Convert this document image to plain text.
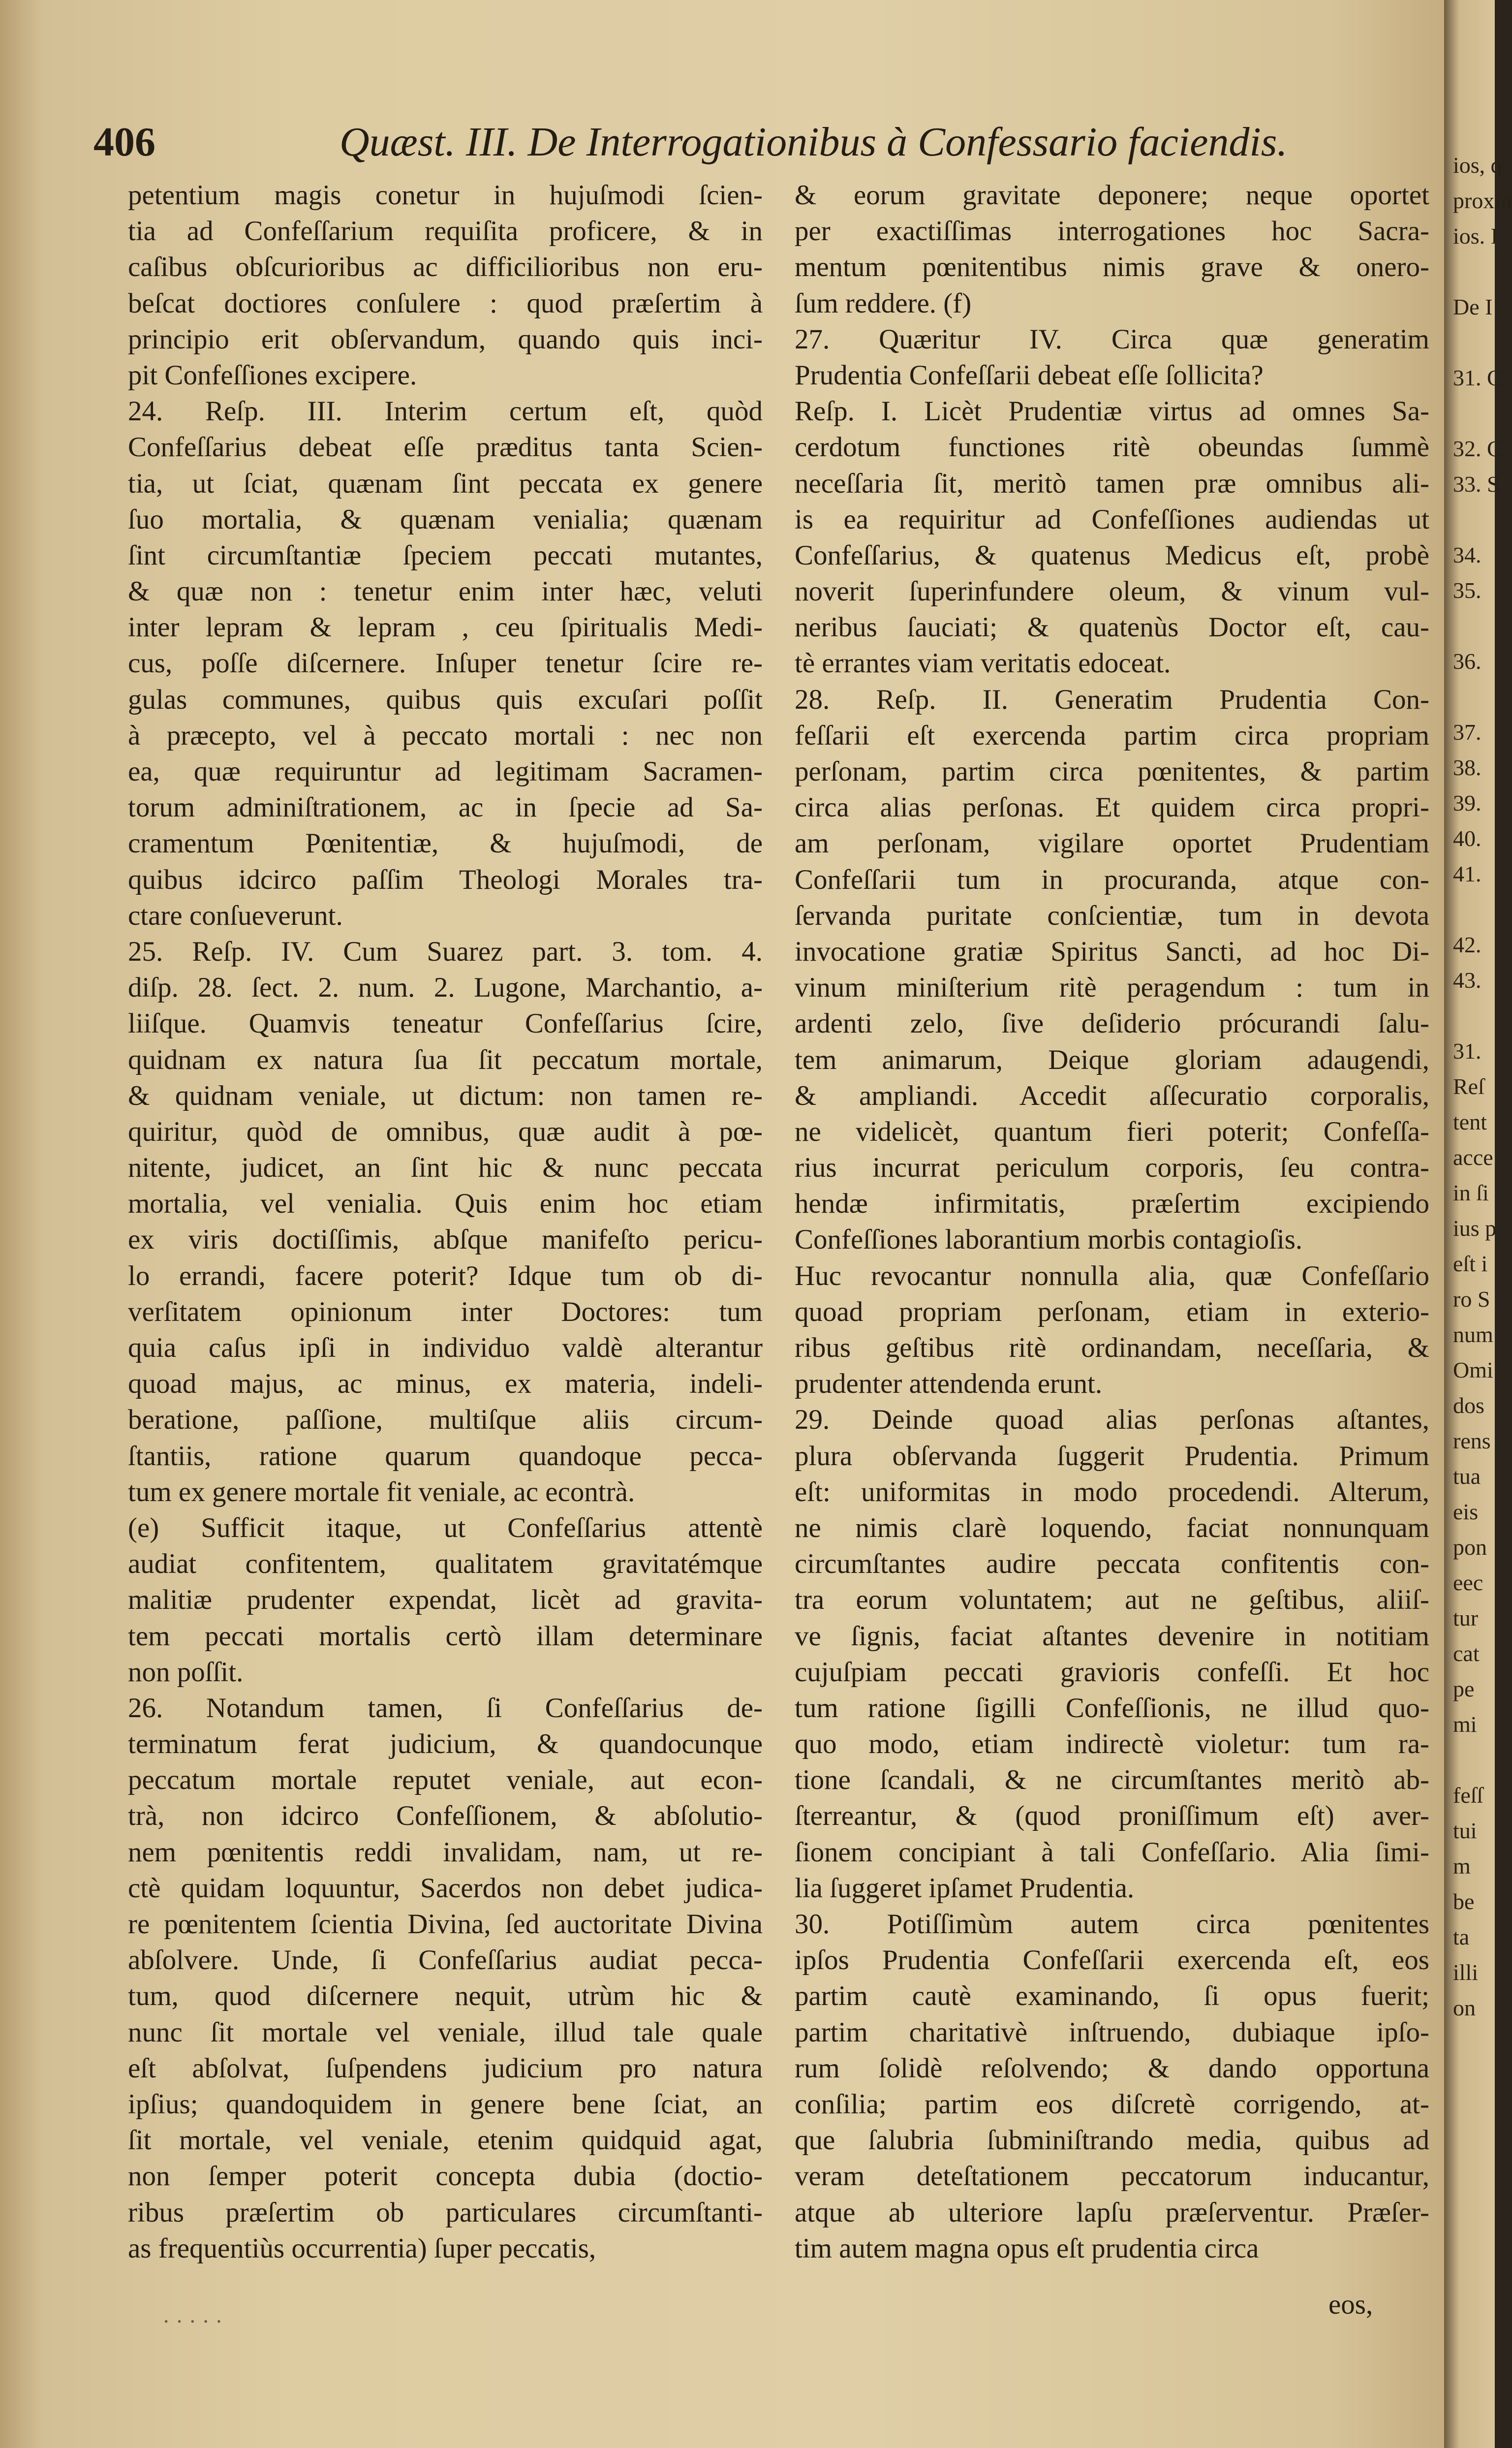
406	Quæst. III. De Interrogationibus à Confessario faciendis.

petentium magis conetur in hujuſmodi ſcien-

tia ad Confeſſarium requiſita proficere, & in

caſibus obſcurioribus ac difficilioribus non eru-

beſcat doctiores conſulere : quod præſertim à

principio erit obſervandum, quando quis inci-

pit Confeſſiones excipere.

24. Reſp. III. Interim certum eſt, quòd

Confeſſarius debeat eſſe præditus tanta Scien-

tia, ut ſciat, quænam ſint peccata ex genere

ſuo mortalia, & quænam venialia; quænam

ſint circumſtantiæ ſpeciem peccati mutantes,

& quæ non : tenetur enim inter hæc, veluti

inter lepram & lepram , ceu ſpiritualis Medi-

cus, poſſe diſcernere. Inſuper tenetur ſcire re-

gulas communes, quibus quis excuſari poſſit

à præcepto, vel à peccato mortali : nec non

ea, quæ requiruntur ad legitimam Sacramen-

torum adminiſtrationem, ac in ſpecie ad Sa-

cramentum Pœnitentiæ, & hujuſmodi, de

quibus idcirco paſſim Theologi Morales tra-

ctare conſueverunt.

25. Reſp. IV. Cum Suarez part. 3. tom. 4.

diſp. 28. ſect. 2. num. 2. Lugone, Marchantio, a-

liiſque. Quamvis teneatur Confeſſarius ſcire,

quidnam ex natura ſua ſit peccatum mortale,

& quidnam veniale, ut dictum: non tamen re-

quiritur, quòd de omnibus, quæ audit à pœ-

nitente, judicet, an ſint hic & nunc peccata

mortalia, vel venialia. Quis enim hoc etiam

ex viris doctiſſimis, abſque manifeſto pericu-

lo errandi, facere poterit? Idque tum ob di-

verſitatem opinionum inter Doctores: tum

quia caſus ipſi in individuo valdè alterantur

quoad majus, ac minus, ex materia, indeli-

beratione, paſſione, multiſque aliis circum-

ſtantiis, ratione quarum quandoque pecca-

tum ex genere mortale fit veniale, ac econtrà.

(e) Sufficit itaque, ut Confeſſarius attentè

audiat confitentem, qualitatem gravitatémque

malitiæ prudenter expendat, licèt ad gravita-

tem peccati mortalis certò illam determinare

non poſſit.

26. Notandum tamen, ſi Confeſſarius de-

terminatum ferat judicium, & quandocunque

peccatum mortale reputet veniale, aut econ-

trà, non idcirco Confeſſionem, & abſolutio-

nem pœnitentis reddi invalidam, nam, ut re-

ctè quidam loquuntur, Sacerdos non debet judica-

re pœnitentem ſcientia Divina, ſed auctoritate Divina

abſolvere. Unde, ſi Confeſſarius audiat pecca-

tum, quod diſcernere nequit, utrùm hic &

nunc ſit mortale vel veniale, illud tale quale

eſt abſolvat, ſuſpendens judicium pro natura

ipſius; quandoquidem in genere bene ſciat, an

ſit mortale, vel veniale, etenim quidquid agat,

non ſemper poterit concepta dubia (doctio-

ribus præſertim ob particulares circumſtanti-

as frequentiùs occurrentia) ſuper peccatis,

& eorum gravitate deponere; neque oportet

per exactiſſimas interrogationes hoc Sacra-

mentum pœnitentibus nimis grave & onero-

ſum reddere. (f)

27. Quæritur IV. Circa quæ generatim

Prudentia Confeſſarii debeat eſſe ſollicita?

Reſp. I. Licèt Prudentiæ virtus ad omnes Sa-

cerdotum functiones ritè obeundas ſummè

neceſſaria ſit, meritò tamen præ omnibus ali-

is ea requiritur ad Confeſſiones audiendas ut

Confeſſarius, & quatenus Medicus eſt, probè

noverit ſuperinfundere oleum, & vinum vul-

neribus ſauciati; & quatenùs Doctor eſt, cau-

tè errantes viam veritatis edoceat.

28. Reſp. II. Generatim Prudentia Con-

feſſarii eſt exercenda partim circa propriam

perſonam, partim circa pœnitentes, & partim

circa alias perſonas. Et quidem circa propri-

am perſonam, vigilare oportet Prudentiam

Confeſſarii tum in procuranda, atque con-

ſervanda puritate conſcientiæ, tum in devota

invocatione gratiæ Spiritus Sancti, ad hoc Di-

vinum miniſterium ritè peragendum : tum in

ardenti zelo, ſive deſiderio prócurandi ſalu-

tem animarum, Deique gloriam adaugendi,

& ampliandi. Accedit aſſecuratio corporalis,

ne videlicèt, quantum fieri poterit; Confeſſa-

rius incurrat periculum corporis, ſeu contra-

hendæ infirmitatis, præſertim excipiendo

Confeſſiones laborantium morbis contagioſis.

Huc revocantur nonnulla alia, quæ Confeſſario

quoad propriam perſonam, etiam in exterio-

ribus geſtibus ritè ordinandam, neceſſaria, &

prudenter attendenda erunt.

29. Deinde quoad alias perſonas aſtantes,

plura obſervanda ſuggerit Prudentia. Primum

eſt: uniformitas in modo procedendi. Alterum,

ne nimis clarè loquendo, faciat nonnunquam

circumſtantes audire peccata confitentis con-

tra eorum voluntatem; aut ne geſtibus, aliiſ-

ve ſignis, faciat aſtantes devenire in notitiam

cujuſpiam peccati gravioris confeſſi. Et hoc

tum ratione ſigilli Confeſſionis, ne illud quo-

quo modo, etiam indirectè violetur: tum ra-

tione ſcandali, & ne circumſtantes meritò ab-

ſterreantur, & (quod proniſſimum eſt) aver-

ſionem concipiant à tali Confeſſario. Alia ſimi-

lia ſuggeret ipſamet Prudentia.

30. Potiſſimùm autem circa pœnitentes

ipſos Prudentia Confeſſarii exercenda eſt, eos

partim cautè examinando, ſi opus fuerit;

partim charitativè inſtruendo, dubiaque ipſo-

rum ſolidè reſolvendo; & dando opportuna

conſilia; partim eos diſcretè corrigendo, at-

que ſalubria ſubminiſtrando media, quibus ad

veram deteſtationem peccatorum inducantur,

atque ab ulteriore lapſu præſerventur. Præſer-

tim autem magna opus eſt prudentia circa

· · · · ·
eos,
ios, q
proxin
ios. I
De I
31. C
32. C
33. S
34.
35.
36.
37.
38.
39.
40.
41.
42.
43.
31.
Reſ
tent
acce
in ſi
ius p
eſt i
ro S
num
Omi
dos
rens
tua
eis
pon
eec
tur
cat
pe
mi
feſſ
tui
m
be
ta
illi
on
